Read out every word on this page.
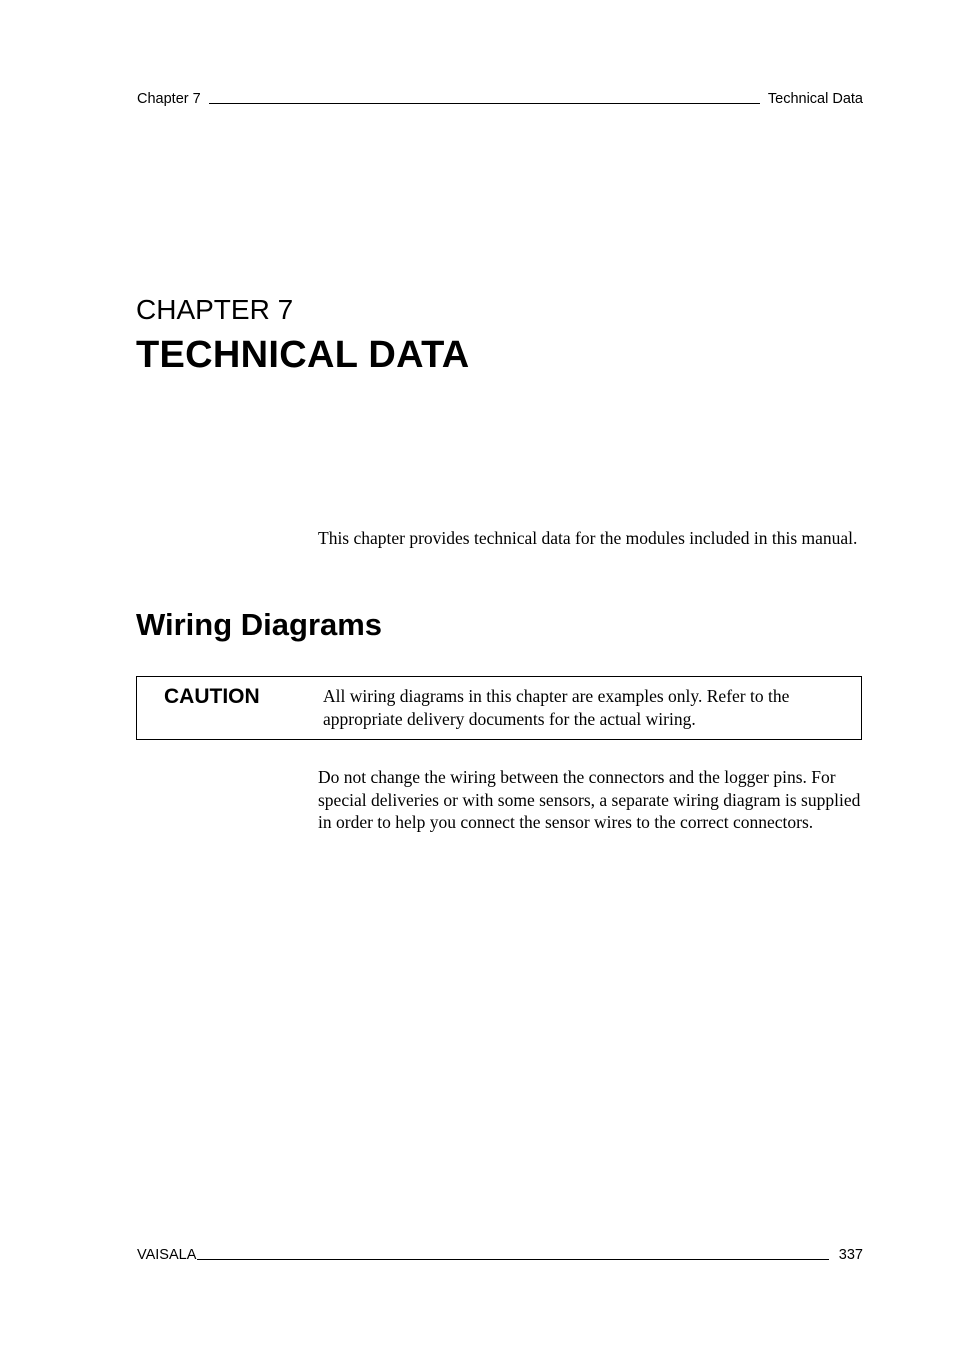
Chapter 7	Technical Data
CHAPTER 7
TECHNICAL DATA

This chapter provides technical data for the modules included in this manual.

Wiring Diagrams
CAUTION	All wiring diagrams in this chapter are examples only. Refer to the appropriate delivery documents for the actual wiring.

Do not change the wiring between the connectors and the logger pins. For special deliveries or with some sensors, a separate wiring diagram is supplied in order to help you connect the sensor wires to the correct connectors.

VAISALA	337
